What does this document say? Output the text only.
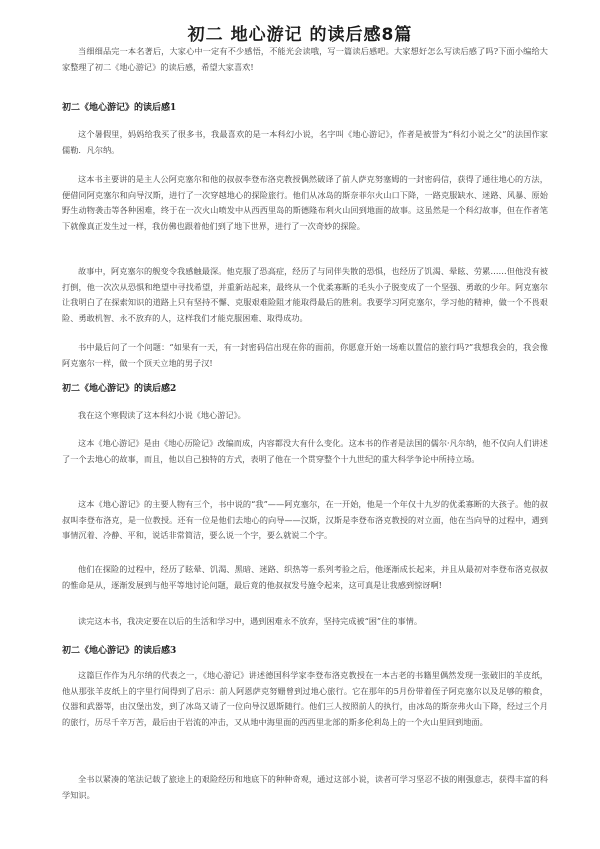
初二 地心游记 的读后感8篇
当细细品完一本名著后，大家心中一定有不少感悟，不能光会读哦，写一篇读后感吧。大家想好怎么写读后感了吗?下面小编给大家整理了初二《地心游记》的读后感，希望大家喜欢!
初二《地心游记》的读后感1
这个暑假里，妈妈给我买了很多书，我最喜欢的是一本科幻小说，名字叫《地心游记》，作者是被誉为“科幻小说之父”的法国作家儒勒．凡尔纳。
这本书主要讲的是主人公阿克塞尔和他的叔叔李登布洛克教授偶然破译了前人萨克努塞姆的一封密码信，获得了通往地心的方法，便借同阿克塞尔和向导汉斯，进行了一次穿越地心的探险旅行。他们从冰岛的斯奈菲尔火山口下降，一路克服缺水、迷路、风暴、原始野生动物袭击等各种困难，终于在一次火山喷发中从西西里岛的斯德隆布利火山回到地面的故事。这虽然是一个科幻故事，但在作者笔下就像真正发生过一样，我仿佛也跟着他们到了地下世界，进行了一次奇妙的探险。
故事中，阿克塞尔的舰变令我感触最深。他克服了恐高症，经历了与同伴失散的恐惧，也经历了饥渴、晕眩、劳累……但他没有被打倒，他一次次从恐惧和绝望中寻找希望，并重新站起来，最终从一个优柔寡断的毛头小子脱变成了一个坚强、勇敢的少年。阿克塞尔让我明白了在探索知识的道路上只有坚持不懈、克服艰难险阻才能取得最后的胜利。我要学习阿克塞尔，学习他的精神，做一个不畏艰险、勇敢机智、永不放弃的人，这样我们才能克服困难、取得成功。
书中最后问了一个问题：“如果有一天，有一封密码信出现在你的面前，你愿意开始一场难以置信的旅行吗?”我想我会的，我会像阿克塞尔一样，做一个顶天立地的男子汉!
初二《地心游记》的读后感2
我在这个寒假读了这本科幻小说《地心游记》。
这本《地心游记》是由《地心历险记》改编而成，内容都没大有什么变化。这本书的作者是法国的儒尔·凡尔纳，他不仅向人们讲述了一个去地心的故事，而且，他以自己独特的方式，表明了他在一个贯穿整个十九世纪的重大科学争论中所持立场。
这本《地心游记》的主要人物有三个，书中说的“我”——阿克塞尔，在一开始，他是一个年仅十九岁的优柔寡断的大孩子。他的叔叔叫李登布洛克，是一位教授。还有一位是他们去地心的向导——汉斯，汉斯是李登布洛克教授的对立面，他在当向导的过程中，遇到事情沉着、冷静、平和，说话非常简洁，要么说一个字，要么就说二个字。
他们在探险的过程中，经历了眩晕、饥渴、黑暗、迷路、织热等一系列考验之后，他逐渐成长起来，并且从最初对李登布洛克叔叔的惟命是从，逐渐发展到与他平等地讨论问题，最后竟的他叔叔发号施令起来，这可真是让我感到惊讶啊!
读完这本书，我决定要在以后的生活和学习中，遇到困难永不放弃，坚持完成被“困”住的事情。
初二《地心游记》的读后感3
这篇巨作作为凡尔纳的代表之一，《地心游记》讲述德国科学家李登布洛克教授在一本古老的书籍里偶然发现一张破旧的羊皮纸，他从那张羊皮纸上的字里行间得到了启示：前人阿恩萨克努姗曾到过地心旅行。它在那年的5月份带着侄子阿克塞尔以及足够的粮食，仪器和武器等，由汉堡出发，到了冰岛又请了一位向导汉恩斯随行。他们三人按照前人的执行，由冰岛的斯奈弗火山下降，经过三个月的旅行，历尽千辛万苦，最后由于岩流的冲击，又从地中海里面的西西里北部的斯多伦利岛上的一个火山里回到地面。
全书以紧凑的笔法记载了旅途上的艰险经历和地底下的种种奇观，通过这部小说，读者可学习坚忍不拔的刚强意志，获得丰富的科学知识。
